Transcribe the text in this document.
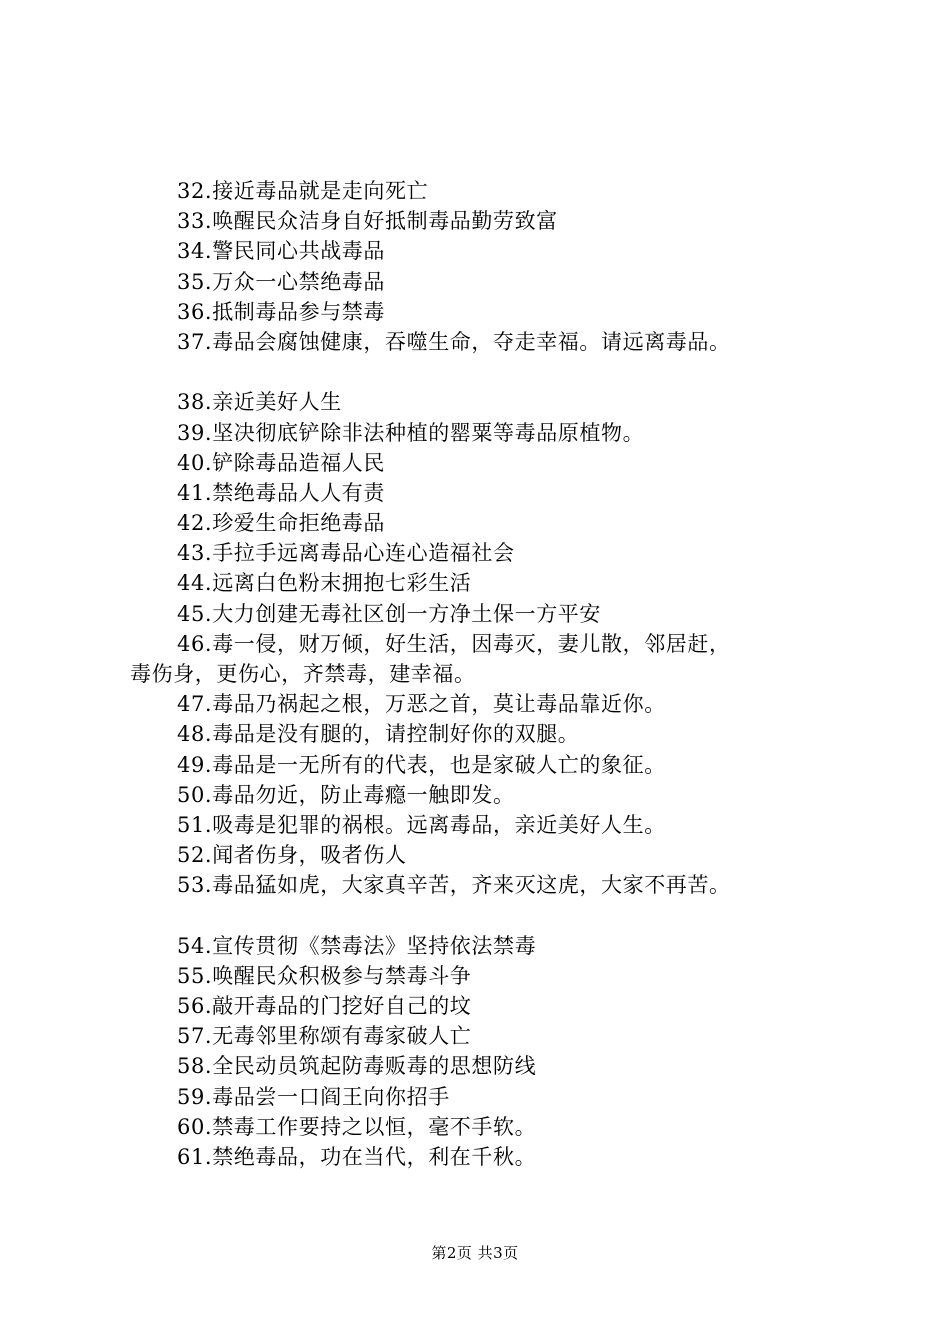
32.接近毒品就是走向死亡
33.唤醒民众洁身自好抵制毒品勤劳致富
34.警民同心共战毒品
35.万众一心禁绝毒品
36.抵制毒品参与禁毒
37.毒品会腐蚀健康，吞噬生命，夺走幸福。请远离毒品。
38.亲近美好人生
39.坚决彻底铲除非法种植的罂粟等毒品原植物。
40.铲除毒品造福人民
41.禁绝毒品人人有责
42.珍爱生命拒绝毒品
43.手拉手远离毒品心连心造福社会
44.远离白色粉末拥抱七彩生活
45.大力创建无毒社区创一方净土保一方平安
46.毒一侵，财万倾，好生活，因毒灭，妻儿散，邻居赶，
毒伤身，更伤心，齐禁毒，建幸福。
47.毒品乃祸起之根，万恶之首，莫让毒品靠近你。
48.毒品是没有腿的，请控制好你的双腿。
49.毒品是一无所有的代表，也是家破人亡的象征。
50.毒品勿近，防止毒瘾一触即发。
51.吸毒是犯罪的祸根。远离毒品，亲近美好人生。
52.闻者伤身，吸者伤人
53.毒品猛如虎，大家真辛苦，齐来灭这虎，大家不再苦。
54.宣传贯彻《禁毒法》坚持依法禁毒
55.唤醒民众积极参与禁毒斗争
56.敲开毒品的门挖好自己的坟
57.无毒邻里称颂有毒家破人亡
58.全民动员筑起防毒贩毒的思想防线
59.毒品尝一口阎王向你招手
60.禁毒工作要持之以恒，毫不手软。
61.禁绝毒品，功在当代，利在千秋。
第2页 共3页
